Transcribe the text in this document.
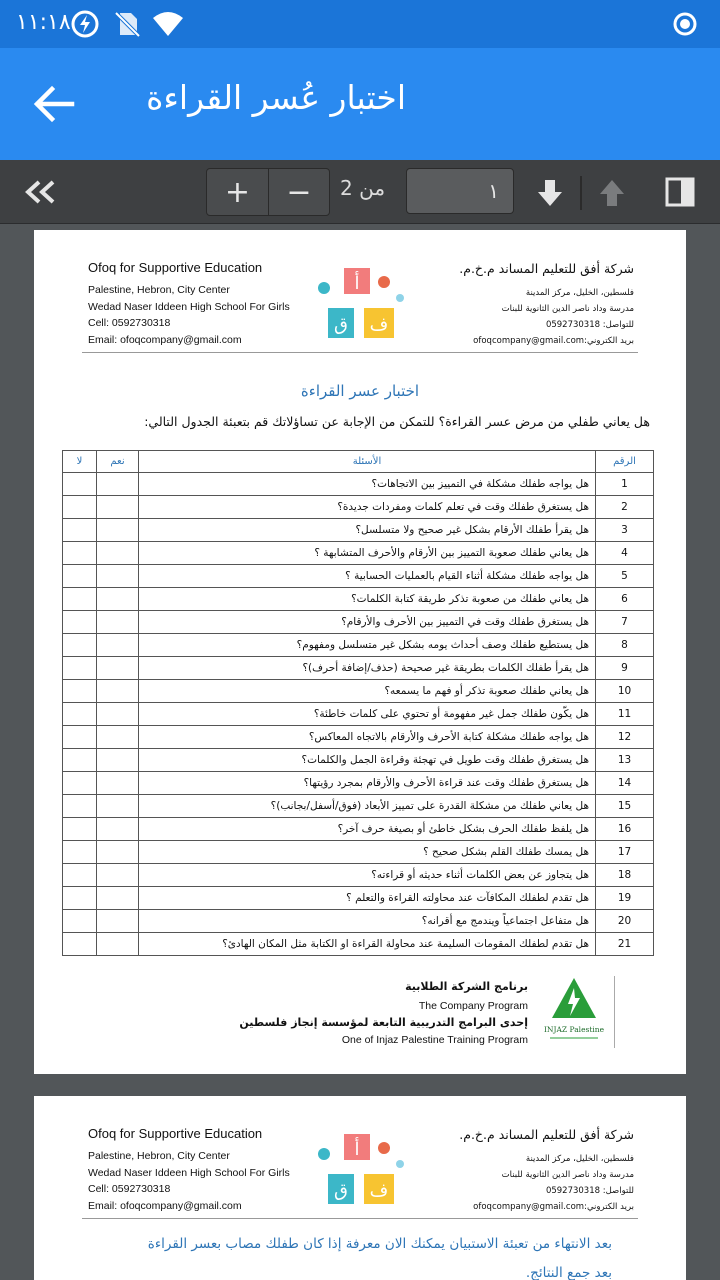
١١:١٨
اختبار عُسر القراءة
+	−	١
من 2
Ofoq for Supportive Education
Palestine, Hebron, City Center
Wedad Naser Iddeen High School For Girls
Cell: 0592730318
Email: ofoqcompany@gmail.com
أ
ف
ق
شركة أفق للتعليم المساند م.خ.م.
فلسطين، الخليل، مركز المدينة
مدرسة وداد ناصر الدين الثانوية للبنات
للتواصل: 0592730318
بريد الكتروني:ofoqcompany@gmail.com
اختبار عسر القراءة
هل يعاني طفلي من مرض عسر القراءة؟ للتمكن من الإجابة عن تساؤلاتك قم بتعبئة الجدول التالي:
الرقم	الأسئلة	نعم	لا
1	هل يواجه طفلك مشكلة في التمييز بين الاتجاهات؟		
2	هل يستغرق طفلك وقت في تعلم كلمات ومفردات جديدة؟		
3	هل يقرأ طفلك الأرقام بشكل غير صحيح ولا متسلسل؟		
4	هل يعاني طفلك صعوبة التمييز بين الأرقام والأحرف المتشابهة ؟		
5	هل يواجه طفلك مشكلة أثناء القيام بالعمليات الحسابية ؟		
6	هل يعاني طفلك من صعوبة تذكر طريقة كتابة الكلمات؟		
7	هل يستغرق طفلك وقت في التمييز بين الأحرف والأرقام؟		
8	هل يستطيع طفلك وصف أحداث يومه بشكل غير متسلسل ومفهوم؟		
9	هل يقرأ طفلك الكلمات بطريقة غير صحيحة (حذف/إضافة أحرف)؟		
10	هل يعاني طفلك صعوبة تذكر أو فهم ما يسمعه؟		
11	هل يكّون طفلك جمل غير مفهومة أو تحتوي على كلمات خاطئة؟		
12	هل يواجه طفلك مشكلة كتابة الأحرف والأرقام بالاتجاه المعاكس؟		
13	هل يستغرق طفلك وقت طويل في تهجئة وقراءة الجمل والكلمات؟		
14	هل يستغرق طفلك وقت عند قراءة الأحرف والأرقام بمجرد رؤيتها؟		
15	هل يعاني طفلك من مشكلة القدرة على تمييز الأبعاد (فوق/أسفل/بجانب)؟		
16	هل يلفظ طفلك الحرف بشكل خاطئ أو بصيغة حرف آخر؟		
17	هل يمسك طفلك القلم بشكل صحيح ؟		
18	هل يتجاوز عن بعض الكلمات أثناء حديثه أو قراءته؟		
19	هل تقدم لطفلك المكافآت عند محاولته القراءة والتعلم ؟		
20	هل متفاعل اجتماعياً ويندمج مع أقرانه؟		
21	هل تقدم لطفلك المقومات السليمة عند محاولة القراءة او الكتابة مثل المكان الهادئ؟		
برنامج الشركة الطلابية
The Company Program
إحدى البرامج التدريبية التابعة لمؤسسة إنجاز فلسطين
One of Injaz Palestine Training Program
INJAZ Palestine
Ofoq for Supportive Education
Palestine, Hebron, City Center
Wedad Naser Iddeen High School For Girls
Cell: 0592730318
Email: ofoqcompany@gmail.com
أ
ف
ق
شركة أفق للتعليم المساند م.خ.م.
فلسطين، الخليل، مركز المدينة
مدرسة وداد ناصر الدين الثانوية للبنات
للتواصل: 0592730318
بريد الكتروني:ofoqcompany@gmail.com
بعد الانتهاء من تعبئة الاستبيان يمكنك الان معرفة إذا كان طفلك مصاب بعسر القراءة
بعد جمع النتائج.
